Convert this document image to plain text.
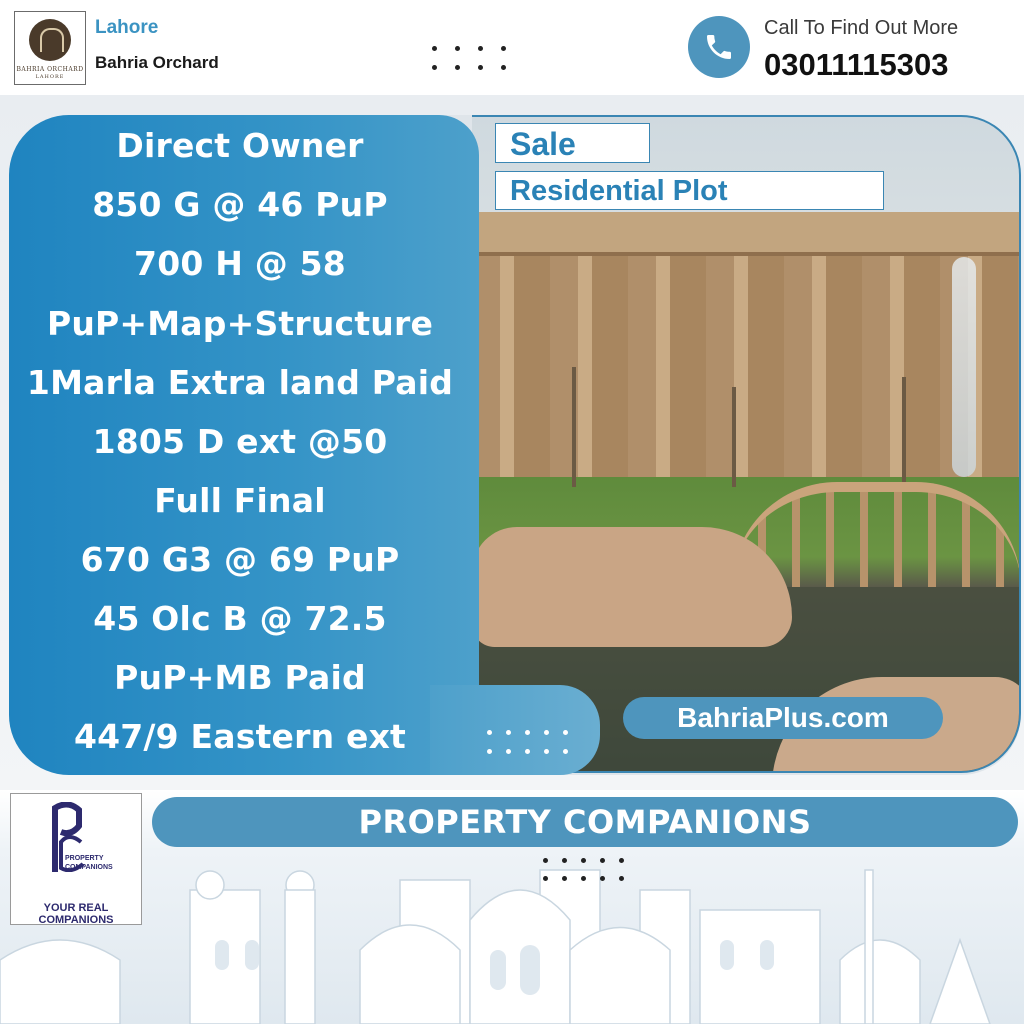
BAHRIA ORCHARD
LAHORE
Lahore
Bahria Orchard
Call To Find Out More
03011115303
Direct Owner
850 G @ 46 PuP
700 H @ 58
PuP+Map+Structure
1Marla Extra land Paid
1805 D ext @50
Full Final
670 G3 @ 69 PuP
45 Olc B @ 72.5
PuP+MB Paid
447/9 Eastern ext
Sale
Residential Plot
BahriaPlus.com
PROPERTY COMPANIONS
YOUR REAL COMPANIONS
PROPERTY COMPANIONS
